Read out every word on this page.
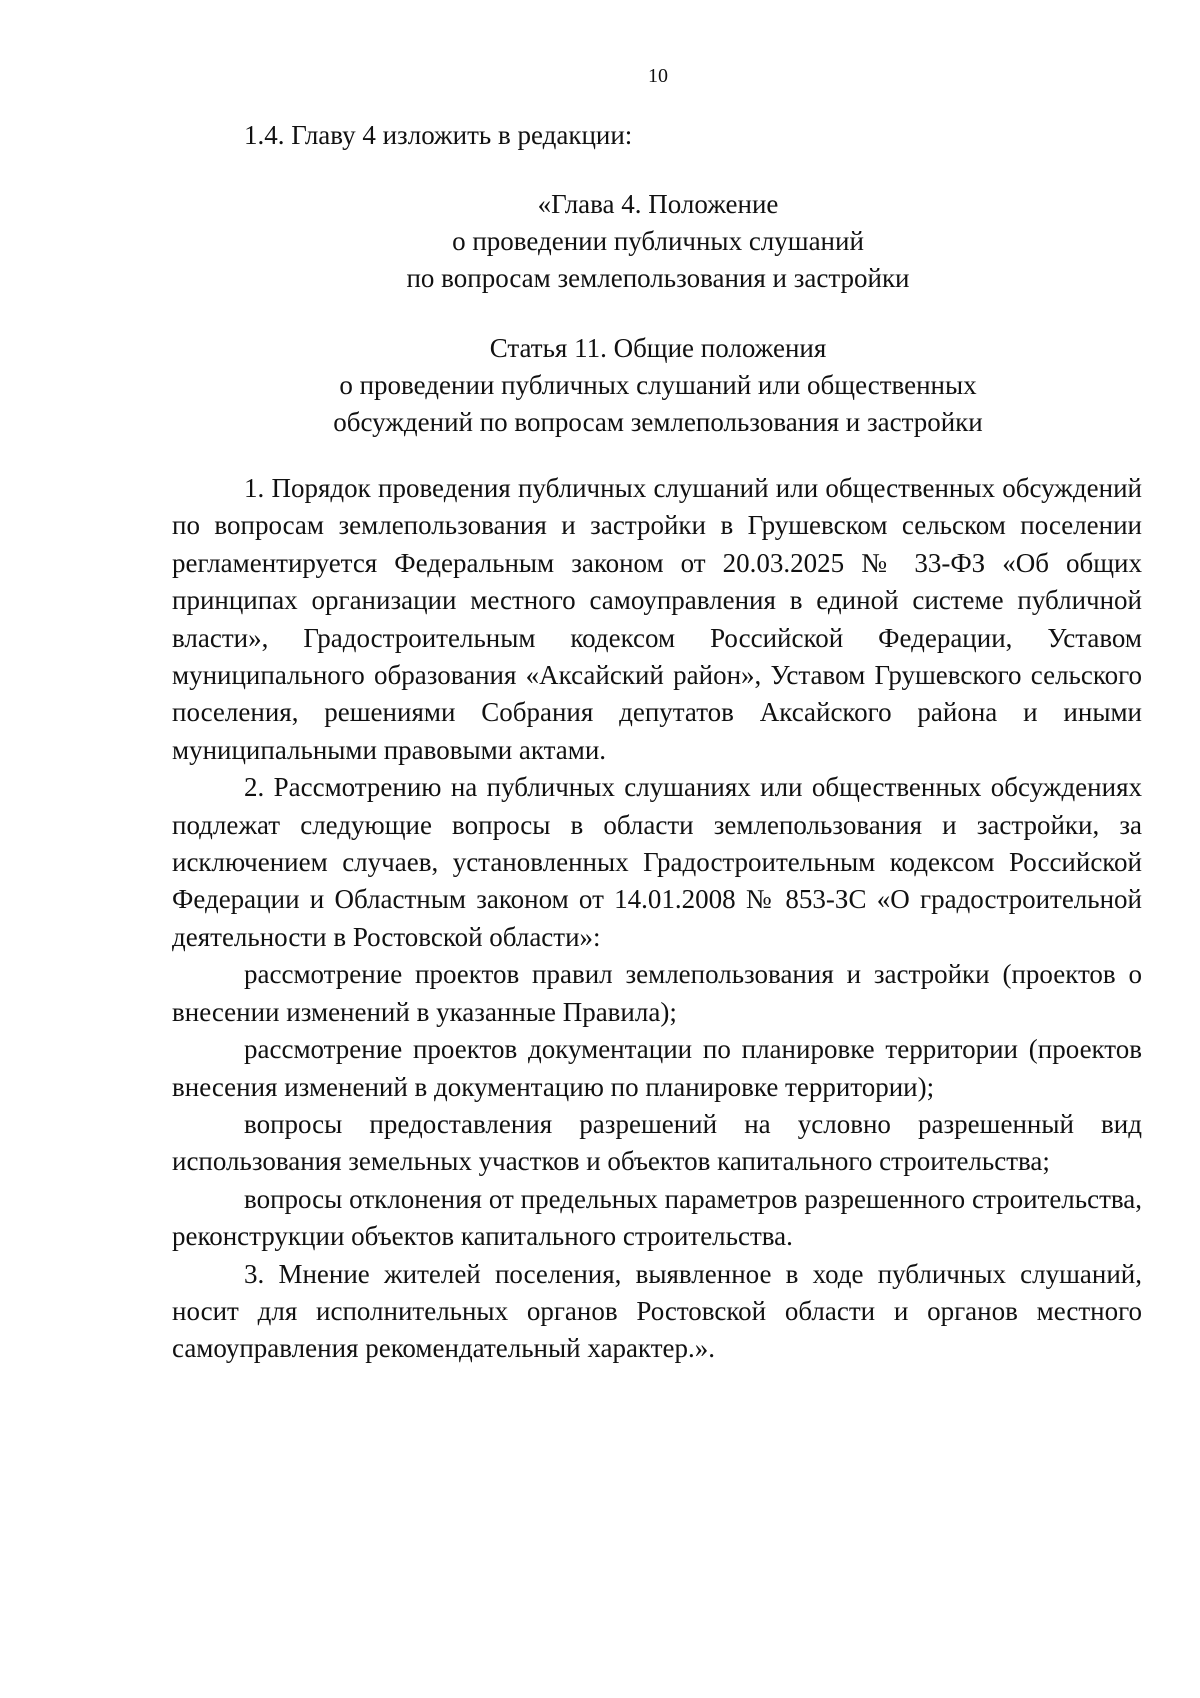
10
1.4. Главу 4 изложить в редакции:
«Глава 4. Положение
о проведении публичных слушаний
по вопросам землепользования и застройки
Статья 11. Общие положения
о проведении публичных слушаний или общественных
обсуждений по вопросам землепользования и застройки

1. Порядок проведения публичных слушаний или общественных обсуждений по вопросам землепользования и застройки в Грушевском сельском поселении регламентируется Федеральным законом от 20.03.2025 № 33-ФЗ «Об общих принципах организации местного самоуправления в единой системе публичной власти», Градостроительным кодексом Российской Федерации, Уставом муниципального образования «Аксайский район», Уставом Грушевского сельского поселения, решениями Собрания депутатов Аксайского района и иными муниципальными правовыми актами.

2. Рассмотрению на публичных слушаниях или общественных обсуждениях подлежат следующие вопросы в области землепользования и застройки, за исключением случаев, установленных Градостроительным кодексом Российской Федерации и Областным законом от 14.01.2008 № 853-ЗС «О градостроительной деятельности в Ростовской области»:

рассмотрение проектов правил землепользования и застройки (проектов о внесении изменений в указанные Правила);

рассмотрение проектов документации по планировке территории (проектов внесения изменений в документацию по планировке территории);

вопросы предоставления разрешений на условно разрешенный вид использования земельных участков и объектов капитального строительства;

вопросы отклонения от предельных параметров разрешенного строительства, реконструкции объектов капитального строительства.

3. Мнение жителей поселения, выявленное в ходе публичных слушаний, носит для исполнительных органов Ростовской области и органов местного самоуправления рекомендательный характер.».
